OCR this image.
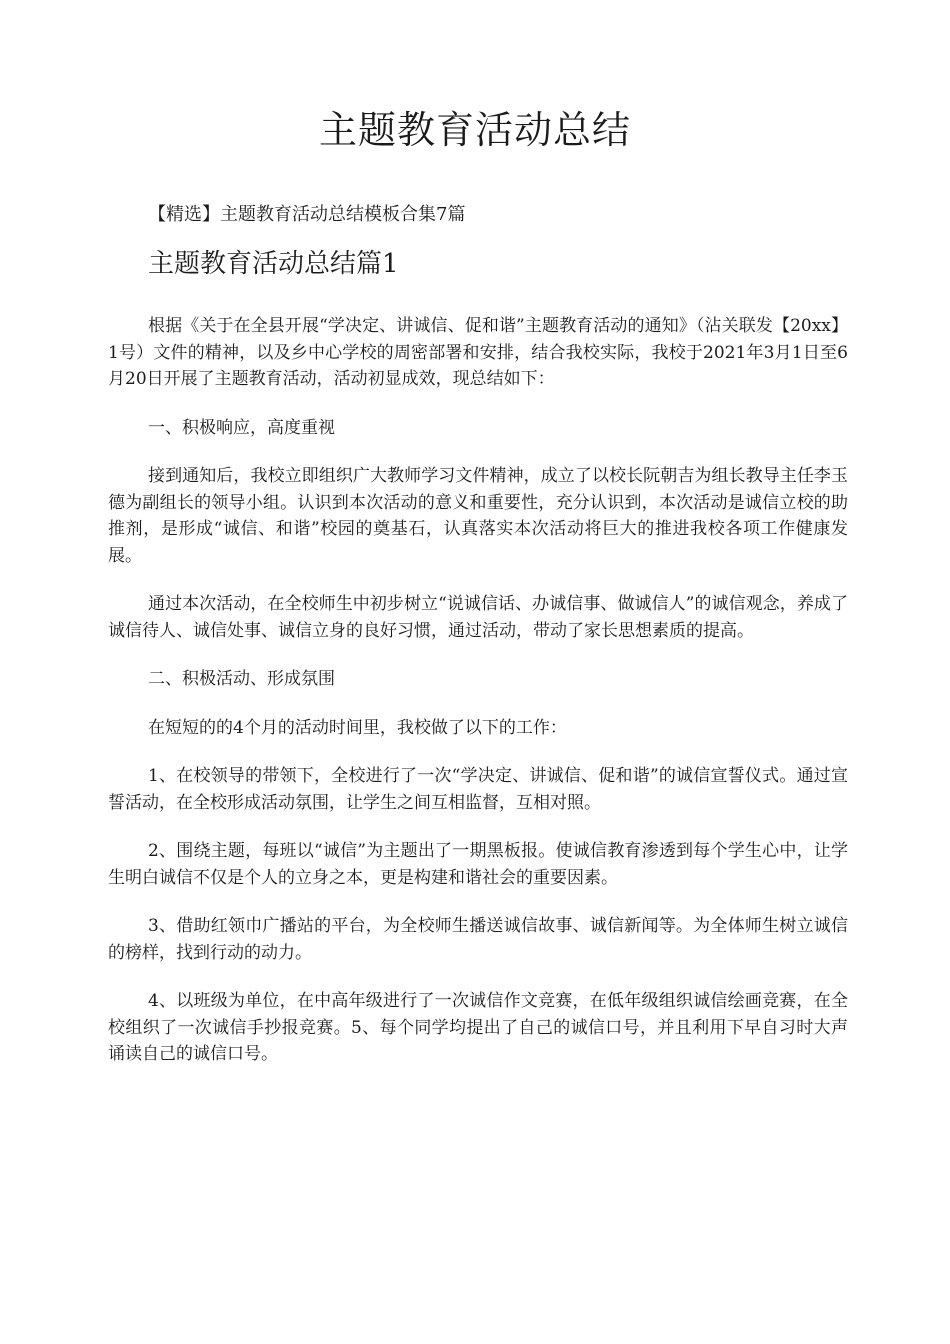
主题教育活动总结

【精选】主题教育活动总结模板合集7篇

主题教育活动总结篇1

根据《关于在全县开展“学决定、讲诚信、促和谐”主题教育活动的通知》（沾关联发【20xx】1号）文件的精神，以及乡中心学校的周密部署和安排，结合我校实际，我校于2021年3月1日至6月20日开展了主题教育活动，活动初显成效，现总结如下：

一、积极响应，高度重视

接到通知后，我校立即组织广大教师学习文件精神，成立了以校长阮朝吉为组长教导主任李玉德为副组长的领导小组。认识到本次活动的意义和重要性，充分认识到，本次活动是诚信立校的助推剂，是形成“诚信、和谐”校园的奠基石，认真落实本次活动将巨大的推进我校各项工作健康发展。

通过本次活动，在全校师生中初步树立“说诚信话、办诚信事、做诚信人”的诚信观念，养成了诚信待人、诚信处事、诚信立身的良好习惯，通过活动，带动了家长思想素质的提高。

二、积极活动、形成氛围

在短短的的4个月的活动时间里，我校做了以下的工作：

1、在校领导的带领下，全校进行了一次“学决定、讲诚信、促和谐”的诚信宣誓仪式。通过宣誓活动，在全校形成活动氛围，让学生之间互相监督，互相对照。

2、围绕主题，每班以“诚信”为主题出了一期黑板报。使诚信教育渗透到每个学生心中，让学生明白诚信不仅是个人的立身之本，更是构建和谐社会的重要因素。

3、借助红领巾广播站的平台，为全校师生播送诚信故事、诚信新闻等。为全体师生树立诚信的榜样，找到行动的动力。

4、以班级为单位，在中高年级进行了一次诚信作文竞赛，在低年级组织诚信绘画竞赛，在全校组织了一次诚信手抄报竞赛。5、每个同学均提出了自己的诚信口号，并且利用下早自习时大声诵读自己的诚信口号。
